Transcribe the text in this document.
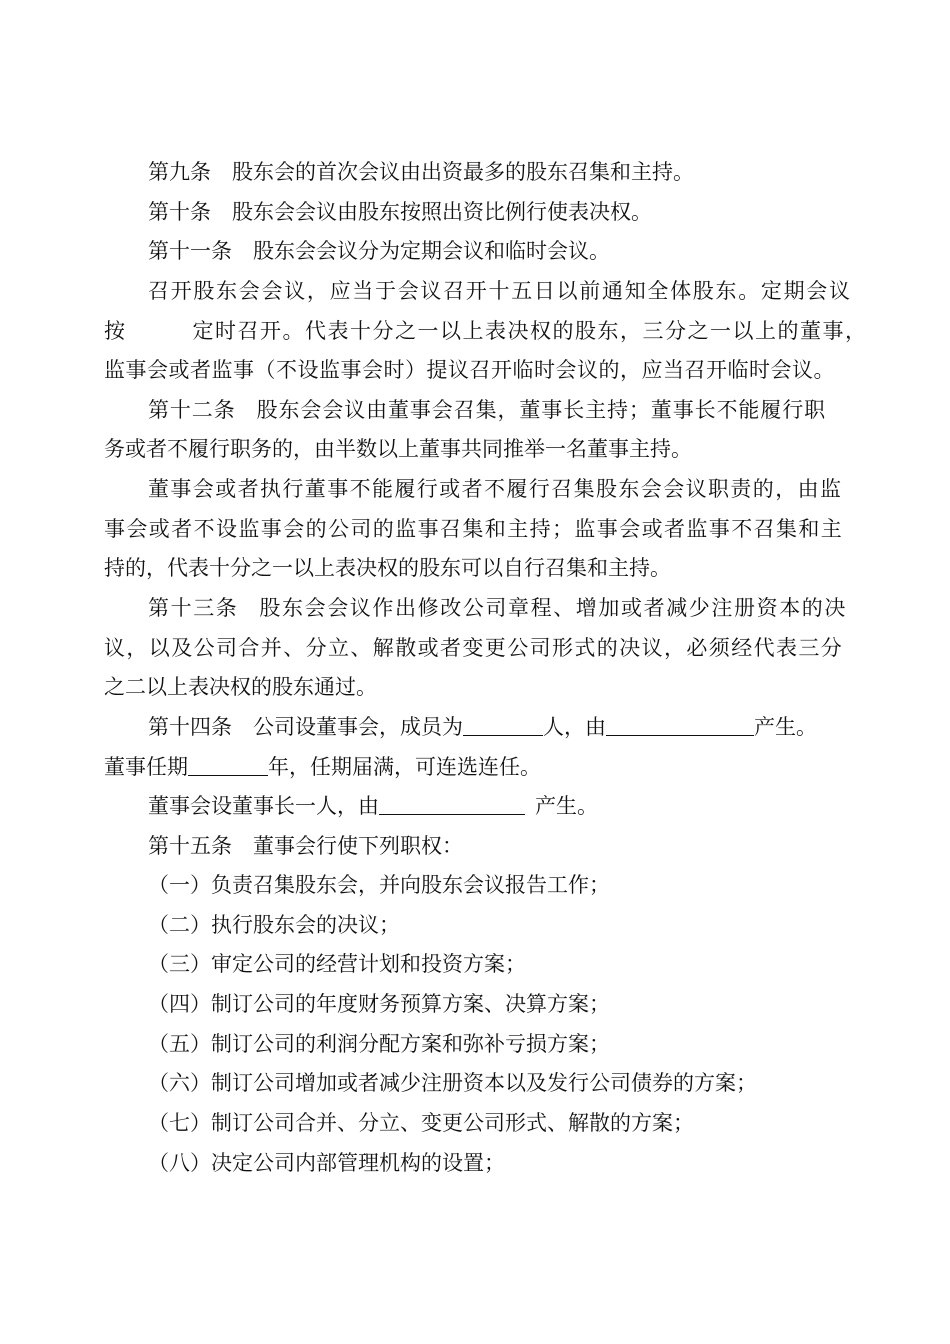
第九条 股东会的首次会议由出资最多的股东召集和主持。
第十条 股东会会议由股东按照出资比例行使表决权。
第十一条 股东会会议分为定期会议和临时会议。
召开股东会会议，应当于会议召开十五日以前通知全体股东。定期会议
按	定时召开。代表十分之一以上表决权的股东，三分之一以上的董事，
监事会或者监事（不设监事会时）提议召开临时会议的，应当召开临时会议。
第十二条 股东会会议由董事会召集，董事长主持；董事长不能履行职
务或者不履行职务的，由半数以上董事共同推举一名董事主持。
董事会或者执行董事不能履行或者不履行召集股东会会议职责的，由监
事会或者不设监事会的公司的监事召集和主持；监事会或者监事不召集和主
持的，代表十分之一以上表决权的股东可以自行召集和主持。
第十三条 股东会会议作出修改公司章程、增加或者减少注册资本的决
议，以及公司合并、分立、解散或者变更公司形式的决议，必须经代表三分
之二以上表决权的股东通过。
第十四条 公司设董事会，成员为	人，由	产生。
董事任期	年，任期届满，可连选连任。
董事会设董事长一人，由	产生。
第十五条 董事会行使下列职权：
（一）负责召集股东会，并向股东会议报告工作；
（二）执行股东会的决议；
（三）审定公司的经营计划和投资方案；
（四）制订公司的年度财务预算方案、决算方案；
（五）制订公司的利润分配方案和弥补亏损方案；
（六）制订公司增加或者减少注册资本以及发行公司债券的方案；
（七）制订公司合并、分立、变更公司形式、解散的方案；
（八）决定公司内部管理机构的设置；
